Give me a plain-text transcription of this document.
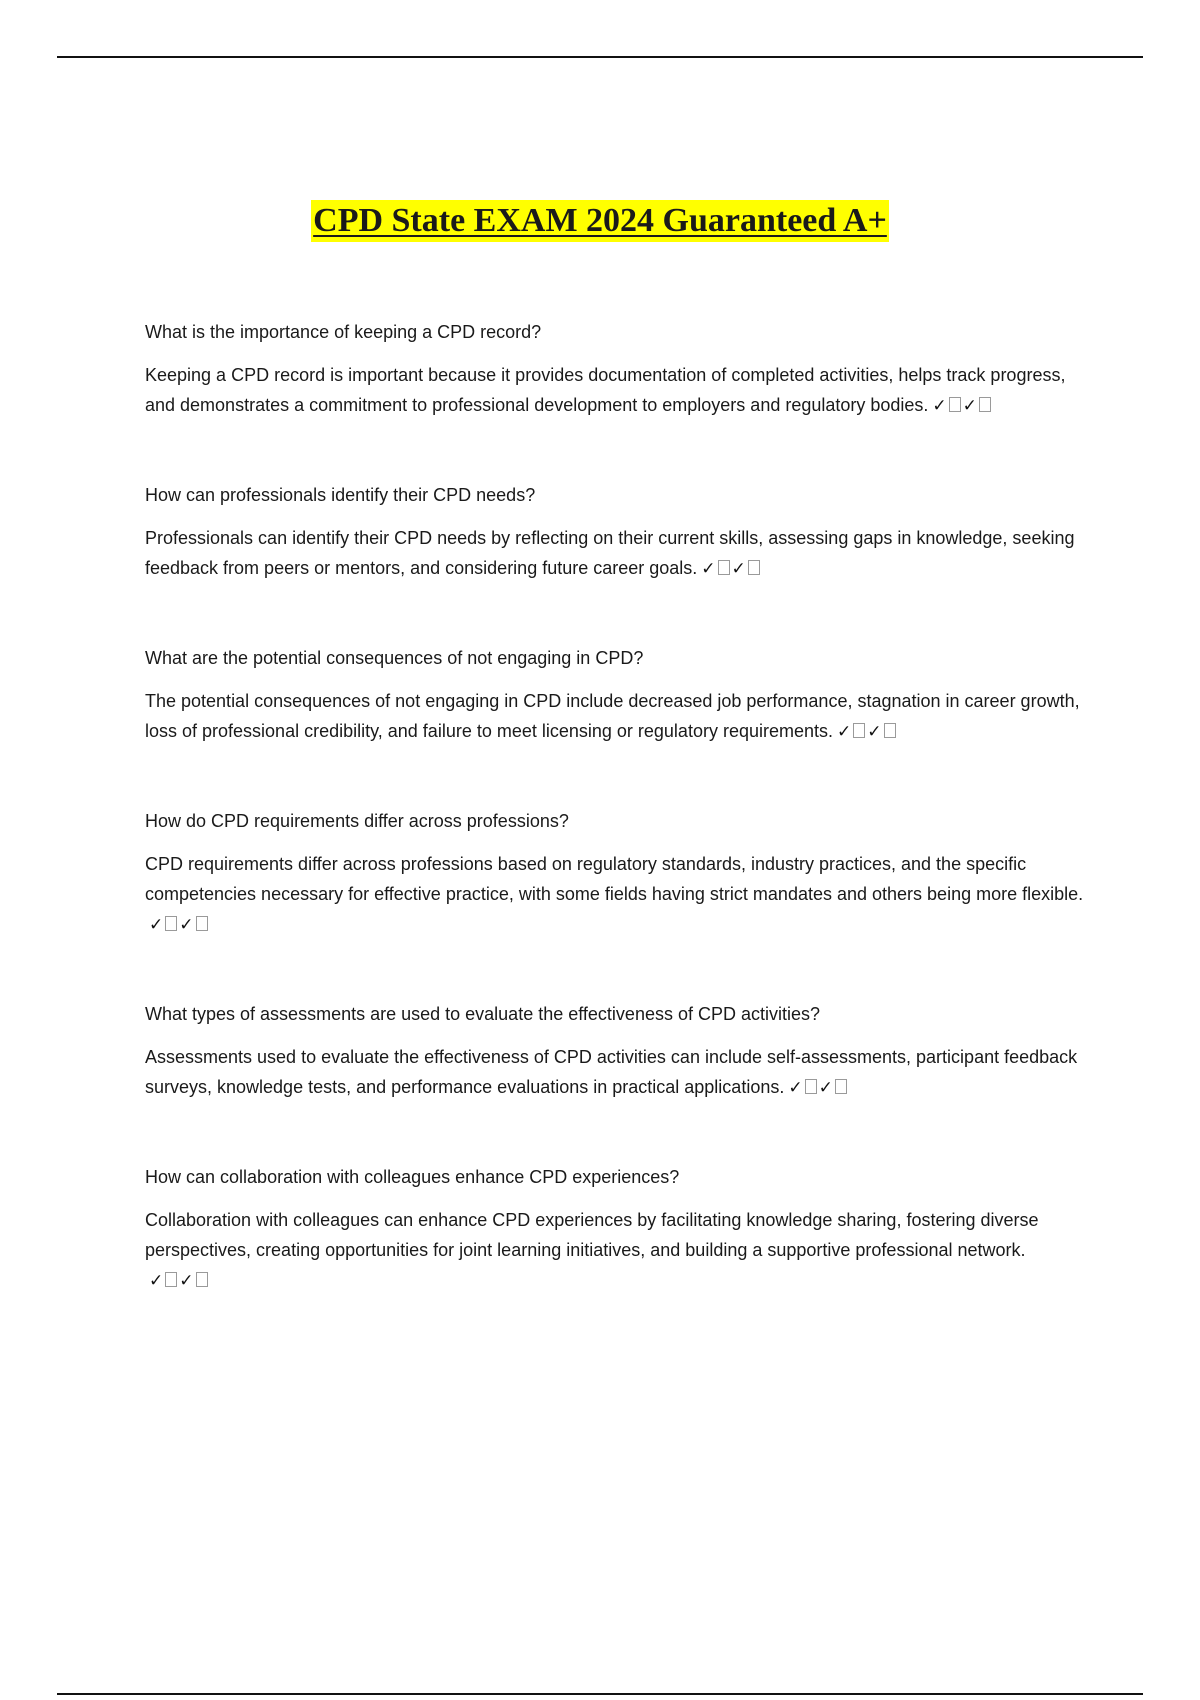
CPD State EXAM 2024 Guaranteed A+

What is the importance of keeping a CPD record?

Keeping a CPD record is important because it provides documentation of completed activities, helps track progress, and demonstrates a commitment to professional development to employers and regulatory bodies. ✓ ✓

How can professionals identify their CPD needs?

Professionals can identify their CPD needs by reflecting on their current skills, assessing gaps in knowledge, seeking feedback from peers or mentors, and considering future career goals. ✓ ✓

What are the potential consequences of not engaging in CPD?

The potential consequences of not engaging in CPD include decreased job performance, stagnation in career growth, loss of professional credibility, and failure to meet licensing or regulatory requirements. ✓ ✓

How do CPD requirements differ across professions?

CPD requirements differ across professions based on regulatory standards, industry practices, and the specific competencies necessary for effective practice, with some fields having strict mandates and others being more flexible.✓ ✓

What types of assessments are used to evaluate the effectiveness of CPD activities?

Assessments used to evaluate the effectiveness of CPD activities can include self-assessments, participant feedback surveys, knowledge tests, and performance evaluations in practical applications. ✓ ✓

How can collaboration with colleagues enhance CPD experiences?

Collaboration with colleagues can enhance CPD experiences by facilitating knowledge sharing, fostering diverse perspectives, creating opportunities for joint learning initiatives, and building a supportive professional network.✓ ✓
